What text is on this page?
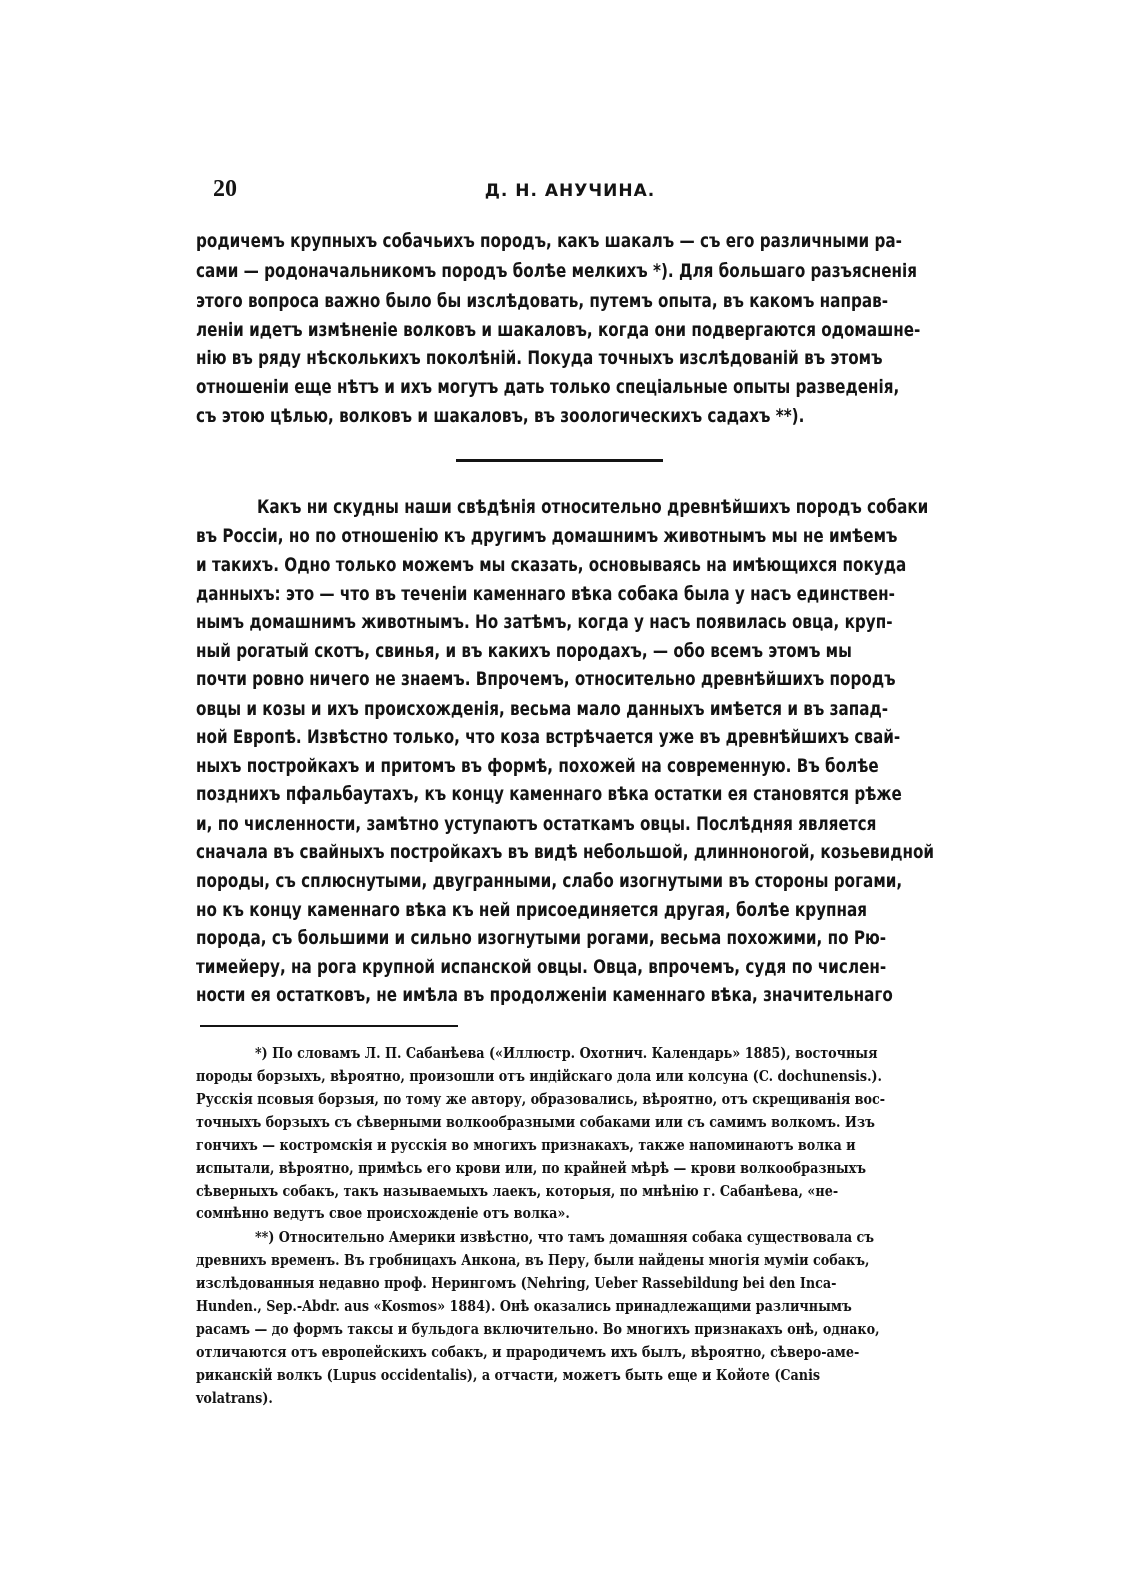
20	Д. Н. АНУЧИНА.
родичемъ крупныхъ собачьихъ породъ, какъ шакалъ — съ его различными ра-
сами — родоначальникомъ породъ болѣе мелкихъ *). Для большаго разъясненія
этого вопроса важно было бы изслѣдовать, путемъ опыта, въ какомъ направ-
леніи идетъ измѣненіе волковъ и шакаловъ, когда они подвергаются одомашне-
нію въ ряду нѣсколькихъ поколѣній. Покуда точныхъ изслѣдованій въ этомъ
отношеніи еще нѣтъ и ихъ могутъ дать только спеціальные опыты разведенія,
съ этою цѣлью, волковъ и шакаловъ, въ зоологическихъ садахъ **).
Какъ ни скудны наши свѣдѣнія относительно древнѣйшихъ породъ собаки
въ Россіи, но по отношенію къ другимъ домашнимъ животнымъ мы не имѣемъ
и такихъ. Одно только можемъ мы сказать, основываясь на имѣющихся покуда
данныхъ: это — что въ теченіи каменнаго вѣка собака была у насъ единствен-
нымъ домашнимъ животнымъ. Но затѣмъ, когда у насъ появилась овца, круп-
ный рогатый скотъ, свинья, и въ какихъ породахъ, — обо всемъ этомъ мы
почти ровно ничего не знаемъ. Впрочемъ, относительно древнѣйшихъ породъ
овцы и козы и ихъ происхожденія, весьма мало данныхъ имѣется и въ запад-
ной Европѣ. Извѣстно только, что коза встрѣчается уже въ древнѣйшихъ свай-
ныхъ постройкахъ и притомъ въ формѣ, похожей на современную. Въ болѣе
позднихъ пфальбаутахъ, къ концу каменнаго вѣка остатки ея становятся рѣже
и, по численности, замѣтно уступаютъ остаткамъ овцы. Послѣдняя является
сначала въ свайныхъ постройкахъ въ видѣ небольшой, длинноногой, козьевидной
породы, съ сплюснутыми, двугранными, слабо изогнутыми въ стороны рогами,
но къ концу каменнаго вѣка къ ней присоединяется другая, болѣе крупная
порода, съ большими и сильно изогнутыми рогами, весьма похожими, по Рю-
тимейеру, на рога крупной испанской овцы. Овца, впрочемъ, судя по числен-
ности ея остатковъ, не имѣла въ продолженіи каменнаго вѣка, значительнаго
*) По словамъ Л. П. Сабанѣева («Иллюстр. Охотнич. Календарь» 1885), восточныя
породы борзыхъ, вѣроятно, произошли отъ индійскаго дола или колсуна (C. dochunensis.).
Русскія псовыя борзыя, по тому же автору, образовались, вѣроятно, отъ скрещиванія вос-
точныхъ борзыхъ съ сѣверными волкообразными собаками или съ самимъ волкомъ. Изъ
гончихъ — костромскія и русскія во многихъ признакахъ, также напоминаютъ волка и
испытали, вѣроятно, примѣсь его крови или, по крайней мѣрѣ — крови волкообразныхъ
сѣверныхъ собакъ, такъ называемыхъ лаекъ, которыя, по мнѣнію г. Сабанѣева, «не-
сомнѣнно ведутъ свое происхожденіе отъ волка».
**) Относительно Америки извѣстно, что тамъ домашняя собака существовала съ
древнихъ временъ. Въ гробницахъ Анкона, въ Перу, были найдены многія муміи собакъ,
изслѣдованныя недавно проф. Нерингомъ (Nehring, Ueber Rassebildung bei den Inca-
Hunden., Sep.-Abdr. aus «Kosmos» 1884). Онѣ оказались принадлежащими различнымъ
расамъ — до формъ таксы и бульдога включительно. Во многихъ признакахъ онѣ, однако,
отличаются отъ европейскихъ собакъ, и прародичемъ ихъ былъ, вѣроятно, сѣверо-аме-
риканскій волкъ (Lupus occidentalis), а отчасти, можетъ быть еще и Койоте (Canis
volatrans).
